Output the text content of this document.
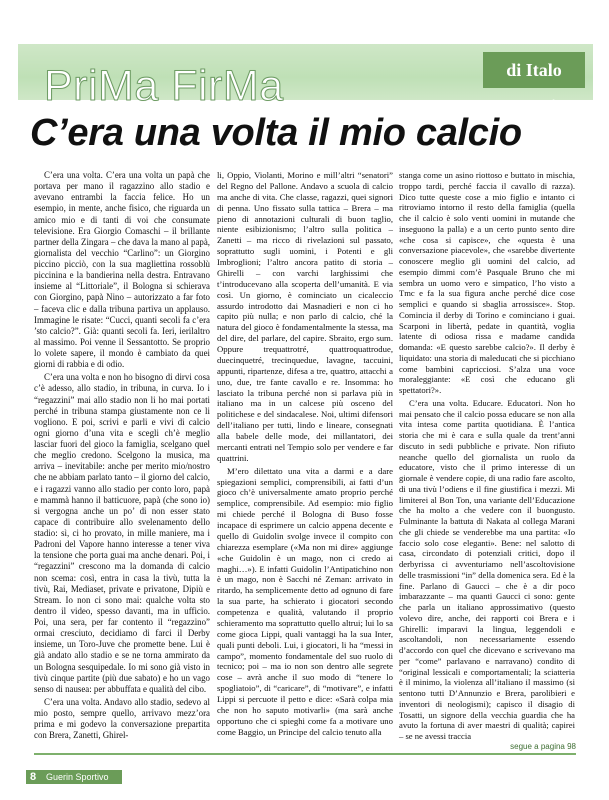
PriMa FirMa	di Italo Cucci
C’era una volta il mio calcio

C’era una volta. C’era una volta un papà che portava per mano il ragazzino allo stadio e avevano entrambi la faccia felice. Ho un esempio, in mente, anche fisico, che riguarda un amico mio e di tanti di voi che consumate televisione. Era Giorgio Comaschi – il brillante partner della Zingara – che dava la mano al papà, giornalista del vecchio “Carlino”: un Giorgino piccino picciò, con la sua magliettina rossoblù piccinina e la bandierina nella destra. Entravano insieme al “Littoriale”, il Bologna si schierava con Giorgino, papà Nino – autorizzato a far foto – faceva clic e dalla tribuna partiva un applauso. Immagine le risate: “Cucci, quanti secoli fa c’era ’sto calcio?”. Già: quanti secoli fa. Ieri, ierilaltro al massimo. Poi venne il Sessantotto. Se proprio lo volete sapere, il mondo è cambiato da quei giorni di rabbia e di odio.

C’era una volta e non ho bisogno di dirvi cosa c’è adesso, allo stadio, in tribuna, in curva. Io i “regazzini” mai allo stadio non li ho mai portati perché in tribuna stampa giustamente non ce li vogliono. E poi, scrivi e parli e vivi di calcio ogni giorno d’una vita e scegli ch’è meglio lasciar fuori del gioco la famiglia, scelgano quel che meglio credono. Scelgono la musica, ma arriva – inevitabile: anche per merito mio/nostro che ne abbiam parlato tanto – il giorno del calcio, e i ragazzi vanno allo stadio per conto loro, papà e mammà hanno il batticuore, papà (che sono io) si vergogna anche un po’ di non esser stato capace di contribuire allo svelenamento dello stadio: sì, ci ho provato, in mille maniere, ma i Padroni del Vapore hanno interesse a tener viva la tensione che porta guai ma anche denari. Poi, i “regazzini” crescono ma la domanda di calcio non scema: così, entra in casa la tivù, tutta la tivù, Rai, Mediaset, private e privatone, Dipiù e Stream. Io non ci sono mai: qualche volta sto dentro il video, spesso davanti, ma in ufficio. Poi, una sera, per far contento il “regazzino” ormai cresciuto, decidiamo di farci il Derby insieme, un Toro-Juve che promette bene. Lui è già andato allo stadio e se ne torna ammirato da un Bologna sesquipedale. Io mi sono già visto in tivù cinque partite (più due sabato) e ho un vago senso di nausea: per abbuffata e qualità del cibo.

C’era una volta. Andavo allo stadio, sedevo al mio posto, sempre quello, arrivavo mezz’ora prima e mi godevo la conversazione prepartita con Brera, Zanetti, Ghirel-

li, Oppio, Violanti, Morino e mill’altri “senatori” del Regno del Pallone. Andavo a scuola di calcio ma anche di vita. Che classe, ragazzi, quei signori di penna. Uno fissato sulla tattica – Brera – ma pieno di annotazioni culturali di buon taglio, niente esibizionismo; l’altro sulla politica – Zanetti – ma ricco di rivelazioni sul passato, soprattutto sugli uomini, i Potenti e gli Imbroglioni; l’altro ancora patito di storia – Ghirelli – con varchi larghissimi che t’introducevano alla scoperta dell’umanità. E via così. Un giorno, è cominciato un cicaleccio assurdo introdotto dai Masnadieri e non ci ho capito più nulla; e non parlo di calcio, ché la natura del gioco è fondamentalmente la stessa, ma del dire, del parlare, del capire. Sbraito, ergo sum. Oppure trequattrotré, quattroquattrodue, duecinquetré, trecinquedue, lavagne, taccuini, appunti, ripartenze, difesa a tre, quattro, attacchi a uno, due, tre fante cavallo e re. Insomma: ho lasciato la tribuna perché non si parlava più in italiano ma in un calcese più osceno del politichese e del sindacalese. Noi, ultimi difensori dell’italiano per tutti, lindo e lineare, consegnati alla babele delle mode, dei millantatori, dei mercanti entrati nel Tempio solo per vendere e far quattrini.

M’ero dilettato una vita a darmi e a dare spiegazioni semplici, comprensibili, ai fatti d’un gioco ch’è universalmente amato proprio perché semplice, comprensibile. Ad esempio: mio figlio mi chiede perché il Bologna di Buso fosse incapace di esprimere un calcio appena decente e quello di Guidolin svolge invece il compito con chiarezza esemplare («Ma non mi dire» aggiunge «che Guidolin è un mago, non ci credo ai maghi…»). E infatti Guidolin l’Antipatichino non è un mago, non è Sacchi né Zeman: arrivato in ritardo, ha semplicemente detto ad ognuno di fare la sua parte, ha schierato i giocatori secondo competenza e qualità, valutando il proprio schieramento ma soprattutto quello altrui; lui lo sa come gioca Lippi, quali vantaggi ha la sua Inter, quali punti deboli. Lui, i giocatori, li ha “messi in campo”, momento fondamentale del suo ruolo di tecnico; poi – ma io non son dentro alle segrete cose – avrà anche il suo modo di “tenere lo spogliatoio”, di “caricare”, di “motivare”, e infatti Lippi si percuote il petto e dice: «Sarà colpa mia che non ho saputo motivarli» (ma sarà anche opportuno che ci spieghi come fa a motivare uno come Baggio, un Principe del calcio tenuto alla

stanga come un asino riottoso e buttato in mischia, troppo tardi, perché faccia il cavallo di razza). Dico tutte queste cose a mio figlio e intanto ci ritroviamo intorno il resto della famiglia (quella che il calcio è solo venti uomini in mutande che inseguono la palla) e a un certo punto sento dire «che cosa si capisce», che «questa è una conversazione piacevole», che «sarebbe divertente conoscere meglio gli uomini del calcio, ad esempio dimmi com’è Pasquale Bruno che mi sembra un uomo vero e simpatico, l’ho visto a Tmc e fa la sua figura anche perché dice cose semplici e quando si sbaglia arrossisce». Stop. Comincia il derby di Torino e cominciano i guai. Scarponi in libertà, pedate in quantità, voglia latente di odiosa rissa e madame candida domanda: «E questo sarebbe calcio?». Il derby è liquidato: una storia di maleducati che si picchiano come bambini capricciosi. S’alza una voce moraleggiante: «E così che educano gli spettatori?».

C’era una volta. Educare. Educatori. Non ho mai pensato che il calcio possa educare se non alla vita intesa come partita quotidiana. È l’antica storia che mi è cara e sulla quale da trent’anni discuto in sedi pubbliche e private. Non rifiuto neanche quello del giornalista un ruolo da educatore, visto che il primo interesse di un giornale è vendere copie, di una radio fare ascolto, di una tivù l’odiens e il fine giustifica i mezzi. Mi limiterei al Bon Ton, una variante dell’Educazione che ha molto a che vedere con il buongusto. Fulminante la battuta di Nakata al collega Marani che gli chiede se venderebbe ma una partita: «Io faccio solo cose eleganti». Bene: nel salotto di casa, circondato di potenziali critici, dopo il derbyrissa ci avventuriamo nell’ascoltovisione delle trasmissioni “in” della domenica sera. Ed è la fine. Parlano di Gaucci – che è a dir poco imbarazzante – ma quanti Gaucci ci sono: gente che parla un italiano approssimativo (questo volevo dire, anche, dei rapporti coi Brera e i Ghirelli: imparavi la lingua, leggendoli e ascoltandoli, non necessariamente essendo d’accordo con quel che dicevano e scrivevano ma per “come” parlavano e narravano) condito di “original lessicali e comportamentali; la sciatteria è il minimo, la violenza all’italiano il massimo (si sentono tutti D’Annunzio e Brera, parolibieri e inventori di neologismi); capisco il disagio di Tosatti, un signore della vecchia guardia che ha avuto la fortuna di aver maestri di qualità; capirei – se ne avessi traccia

segue a pagina 98
8 Guerin Sportivo
